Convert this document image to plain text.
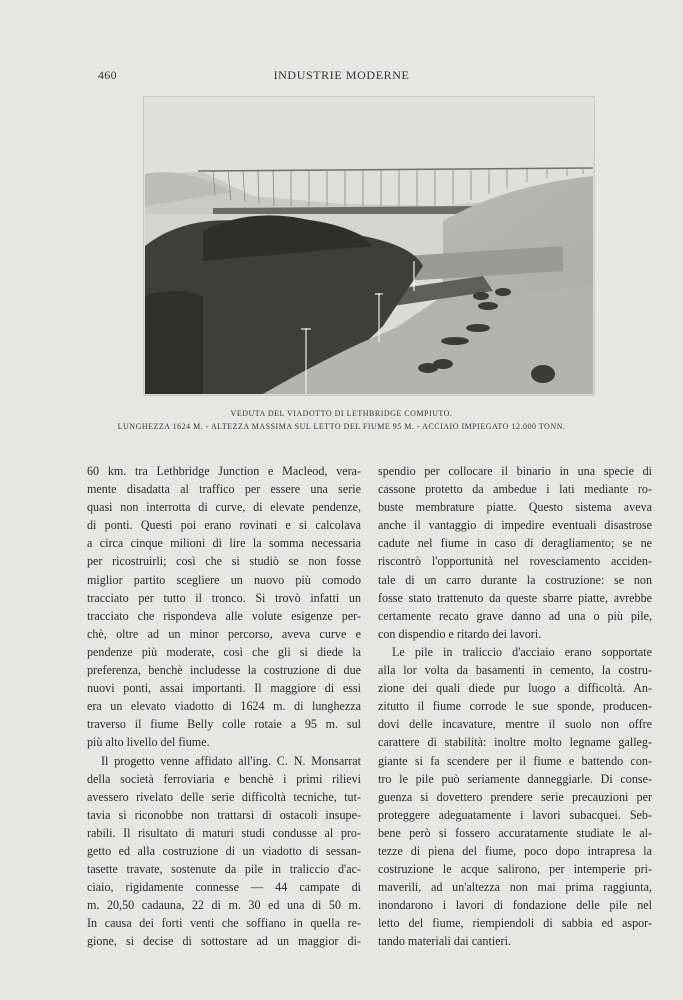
460	INDUSTRIE MODERNE
VEDUTA DEL VIADOTTO DI LETHBRIDGE COMPIUTO.
LUNGHEZZA 1624 M. - ALTEZZA MASSIMA SUL LETTO DEL FIUME 95 M. - ACCIAIO IMPIEGATO 12.000 TONN.
60 km. tra Lethbridge Junction e Macleod, vera-
mente disadatta al traffico per essere una serie
quasi non interrotta di curve, di elevate pendenze,
di ponti. Questi poi erano rovinati e si calcolava
a circa cinque milioni di lire la somma necessaria
per ricostruirli; così che si studiò se non fosse
miglior partito scegliere un nuovo più comodo
tracciato per tutto il tronco. Si trovò infatti un
tracciato che rispondeva alle volute esigenze per-
chè, oltre ad un minor percorso, aveva curve e
pendenze più moderate, così che gli si diede la
preferenza, benchè includesse la costruzione di due
nuovi ponti, assai importanti. Il maggiore di essi
era un elevato viadotto di 1624 m. di lunghezza
traverso il fiume Belly colle rotaie a 95 m. sul
più alto livello del fiume.
Il progetto venne affidato all'ing. C. N. Monsarrat
della società ferroviaria e benchè i primi rilievi
avessero rivelato delle serie difficoltà tecniche, tut-
tavia si riconobbe non trattarsi di ostacoli insupe-
rabili. Il risultato di maturi studi condusse al pro-
getto ed alla costruzione di un viadotto di sessan-
tasette travate, sostenute da pile in traliccio d'ac-
ciaio, rigidamente connesse — 44 campate di
m. 20,50 cadauna, 22 di m. 30 ed una di 50 m.
In causa dei forti venti che soffiano in quella re-
gione, si decise di sottostare ad un maggior di-
spendio per collocare il binario in una specie di
cassone protetto da ambedue i lati mediante ro-
buste membrature piatte. Questo sistema aveva
anche il vantaggio di impedire eventuali disastrose
cadute nel fiume in caso di deragliamento; se ne
riscontrò l'opportunità nel rovesciamento acciden-
tale di un carro durante la costruzione: se non
fosse stato trattenuto da queste sbarre piatte, avrebbe
certamente recato grave danno ad una o più pile,
con dispendio e ritardo dei lavori.
Le pile in traliccio d'acciaio erano sopportate
alla lor volta da basamenti in cemento, la costru-
zione dei quali diede pur luogo a difficoltà. An-
zitutto il fiume corrode le sue sponde, producen-
dovi delle incavature, mentre il suolo non offre
carattere di stabilità: inoltre molto legname galleg-
giante si fa scendere per il fiume e battendo con-
tro le pile può seriamente danneggiarle. Di conse-
guenza si dovettero prendere serie precauzioni per
proteggere adeguatamente i lavori subacquei. Seb-
bene però si fossero accuratamente studiate le al-
tezze di piena del fiume, poco dopo intrapresa la
costruzione le acque salirono, per intemperie pri-
maverili, ad un'altezza non mai prima raggiunta,
inondarono i lavori di fondazione delle pile nel
letto del fiume, riempiendoli di sabbia ed aspor-
tando materiali dai cantieri.
